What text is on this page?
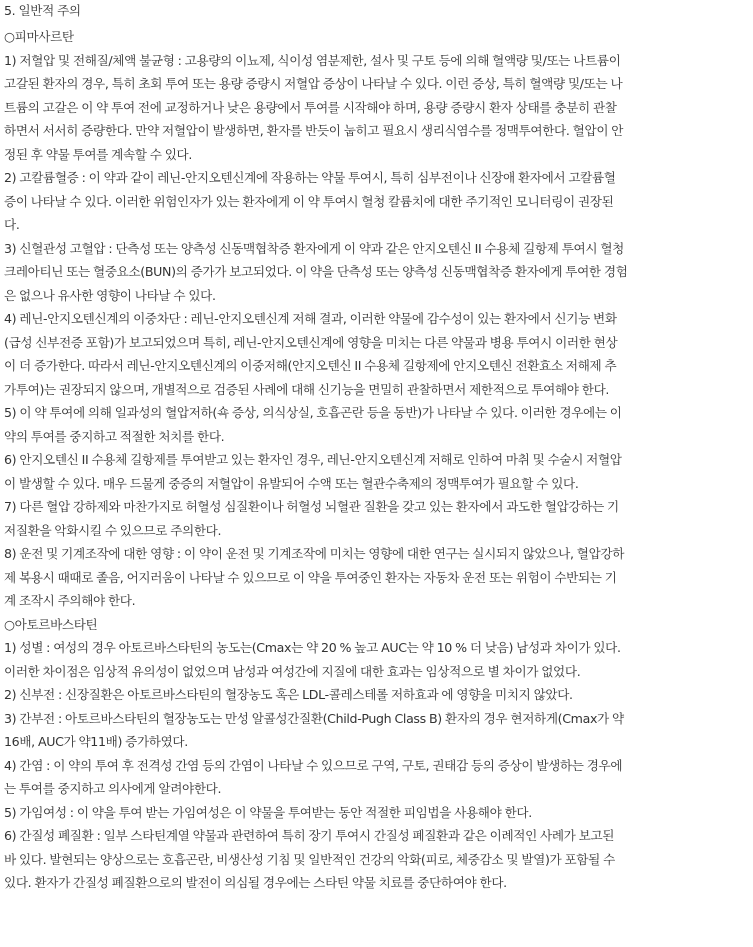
5. 일반적 주의
○피마사르탄
1) 저혈압 및 전해질/체액 불균형 : 고용량의 이뇨제, 식이성 염분제한, 설사 및 구토 등에 의해 혈액량 및/또는 나트륨이
고갈된 환자의 경우, 특히 초회 투여 또는 용량 증량시 저혈압 증상이 나타날 수 있다. 이런 증상, 특히 혈액량 및/또는 나
트륨의 고갈은 이 약 투여 전에 교정하거나 낮은 용량에서 투여를 시작해야 하며, 용량 증량시 환자 상태를 충분히 관찰
하면서 서서히 증량한다. 만약 저혈압이 발생하면, 환자를 반듯이 눕히고 필요시 생리식염수를 정맥투여한다. 혈압이 안
정된 후 약물 투여를 계속할 수 있다.
2) 고칼륨혈증 : 이 약과 같이 레닌-안지오텐신계에 작용하는 약물 투여시, 특히 심부전이나 신장애 환자에서 고칼륨혈
증이 나타날 수 있다. 이러한 위험인자가 있는 환자에게 이 약 투여시 혈청 칼륨치에 대한 주기적인 모니터링이 권장된
다.
3) 신혈관성 고혈압 : 단측성 또는 양측성 신동맥협착증 환자에게 이 약과 같은 안지오텐신 II 수용체 길항제 투여시 혈청
크레아티닌 또는 혈중요소(BUN)의 증가가 보고되었다. 이 약을 단측성 또는 양측성 신동맥협착증 환자에게 투여한 경험
은 없으나 유사한 영향이 나타날 수 있다.
4) 레닌-안지오텐신계의 이중차단 : 레닌-안지오텐신계 저해 결과, 이러한 약물에 감수성이 있는 환자에서 신기능 변화
(급성 신부전증 포함)가 보고되었으며 특히, 레닌-안지오텐신계에 영향을 미치는 다른 약물과 병용 투여시 이러한 현상
이 더 증가한다. 따라서 레닌-안지오텐신계의 이중저해(안지오텐신 II 수용체 길항제에 안지오텐신 전환효소 저해제 추
가투여)는 권장되지 않으며, 개별적으로 검증된 사례에 대해 신기능을 면밀히 관찰하면서 제한적으로 투여해야 한다.
5) 이 약 투여에 의해 일과성의 혈압저하(쇽 증상, 의식상실, 호흡곤란 등을 동반)가 나타날 수 있다. 이러한 경우에는 이
약의 투여를 중지하고 적절한 처치를 한다.
6) 안지오텐신 II 수용체 길항제를 투여받고 있는 환자인 경우, 레닌-안지오텐신계 저해로 인하여 마취 및 수술시 저혈압
이 발생할 수 있다. 매우 드물게 중증의 저혈압이 유발되어 수액 또는 혈관수축제의 정맥투여가 필요할 수 있다.
7) 다른 혈압 강하제와 마찬가지로 허혈성 심질환이나 허혈성 뇌혈관 질환을 갖고 있는 환자에서 과도한 혈압강하는 기
저질환을 악화시킬 수 있으므로 주의한다.
8) 운전 및 기계조작에 대한 영향 : 이 약이 운전 및 기계조작에 미치는 영향에 대한 연구는 실시되지 않았으나, 혈압강하
제 복용시 때때로 졸음, 어지러움이 나타날 수 있으므로 이 약을 투여중인 환자는 자동차 운전 또는 위험이 수반되는 기
계 조작시 주의해야 한다.
○아토르바스타틴
1) 성별 : 여성의 경우 아토르바스타틴의 농도는(Cmax는 약 20 % 높고 AUC는 약 10 % 더 낮음) 남성과 차이가 있다.
이러한 차이점은 임상적 유의성이 없었으며 남성과 여성간에 지질에 대한 효과는 임상적으로 별 차이가 없었다.
2) 신부전 : 신장질환은 아토르바스타틴의 혈장농도 혹은 LDL-콜레스테롤 저하효과 에 영향을 미치지 않았다.
3) 간부전 : 아토르바스타틴의 혈장농도는 만성 알콜성간질환(Child-Pugh Class B) 환자의 경우 현저하게(Cmax가 약
16배, AUC가 약11배) 증가하였다.
4) 간염 : 이 약의 투여 후 전격성 간염 등의 간염이 나타날 수 있으므로 구역, 구토, 권태감 등의 증상이 발생하는 경우에
는 투여를 중지하고 의사에게 알려야한다.
5) 가임여성 : 이 약을 투여 받는 가임여성은 이 약물을 투여받는 동안 적절한 피임법을 사용해야 한다.
6) 간질성 폐질환 : 일부 스타틴계열 약물과 관련하여 특히 장기 투여시 간질성 폐질환과 같은 이례적인 사례가 보고된
바 있다. 발현되는 양상으로는 호흡곤란, 비생산성 기침 및 일반적인 건강의 악화(피로, 체중감소 및 발열)가 포함될 수
있다. 환자가 간질성 폐질환으로의 발전이 의심될 경우에는 스타틴 약물 치료를 중단하여야 한다.
